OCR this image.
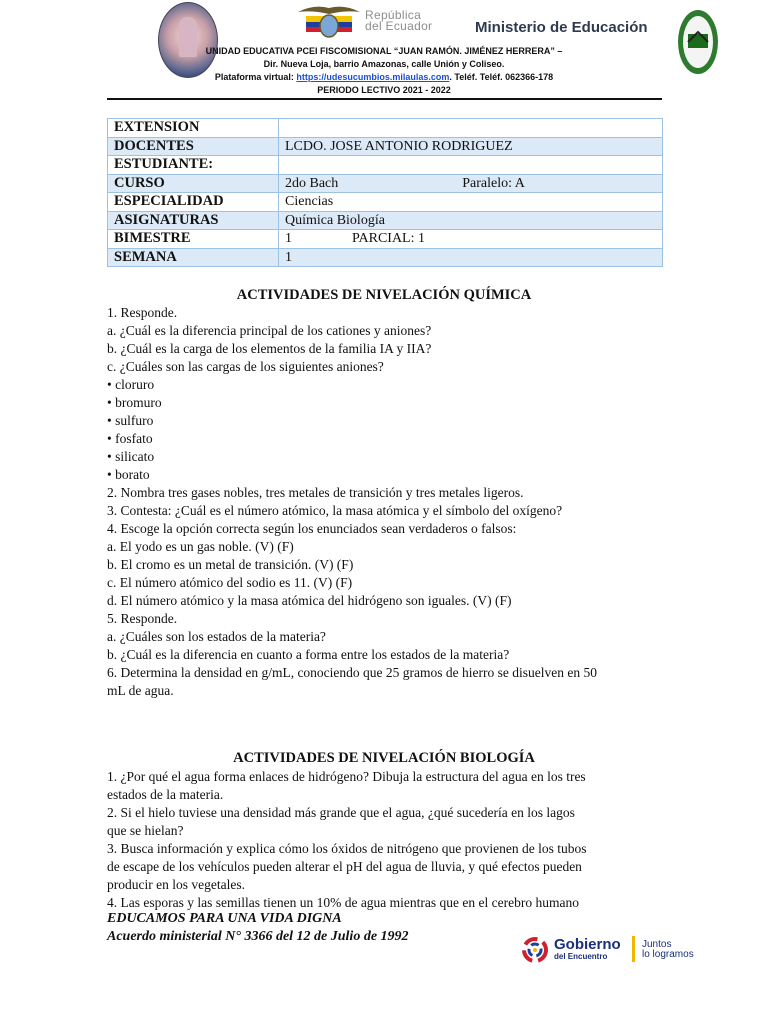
República
del Ecuador	Ministerio de Educación
UNIDAD EDUCATIVA PCEI FISCOMISIONAL “JUAN RAMÓN. JIMÉNEZ HERRERA” –
Dir. Nueva Loja, barrio Amazonas, calle Unión y Coliseo.
Plataforma virtual: https://udesucumbios.milaulas.com. Teléf. Teléf. 062366-178
PERIODO LECTIVO 2021 - 2022
EXTENSION	
DOCENTES	LCDO. JOSE ANTONIO RODRIGUEZ
ESTUDIANTE:	
CURSO	2do Bach Paralelo: A
ESPECIALIDAD	Ciencias
ASIGNATURAS	Química Biología
BIMESTRE	1 PARCIAL: 1
SEMANA	1
ACTIVIDADES DE NIVELACIÓN QUÍMICA
1. Responde.
a. ¿Cuál es la diferencia principal de los cationes y aniones?
b. ¿Cuál es la carga de los elementos de la familia IA y IIA?
c. ¿Cuáles son las cargas de los siguientes aniones?
• cloruro
• bromuro
• sulfuro
• fosfato
• silicato
• borato
2. Nombra tres gases nobles, tres metales de transición y tres metales ligeros.
3. Contesta: ¿Cuál es el número atómico, la masa atómica y el símbolo del oxígeno?
4. Escoge la opción correcta según los enunciados sean verdaderos o falsos:
a. El yodo es un gas noble. (V) (F)
b. El cromo es un metal de transición. (V) (F)
c. El número atómico del sodio es 11. (V) (F)
d. El número atómico y la masa atómica del hidrógeno son iguales. (V) (F)
5. Responde.
a. ¿Cuáles son los estados de la materia?
b. ¿Cuál es la diferencia en cuanto a forma entre los estados de la materia?
6. Determina la densidad en g/mL, conociendo que 25 gramos de hierro se disuelven en 50
mL de agua.
ACTIVIDADES DE NIVELACIÓN BIOLOGÍA
1. ¿Por qué el agua forma enlaces de hidrógeno? Dibuja la estructura del agua en los tres
estados de la materia.
2. Si el hielo tuviese una densidad más grande que el agua, ¿qué sucedería en los lagos
que se hielan?
3. Busca información y explica cómo los óxidos de nitrógeno que provienen de los tubos
de escape de los vehículos pueden alterar el pH del agua de lluvia, y qué efectos pueden
producir en los vegetales.
4. Las esporas y las semillas tienen un 10% de agua mientras que en el cerebro humano
EDUCAMOS PARA UNA VIDA DIGNA
Acuerdo ministerial N° 3366 del 12 de Julio de 1992	Gobierno
del Encuentro
Juntos
lo logramos
